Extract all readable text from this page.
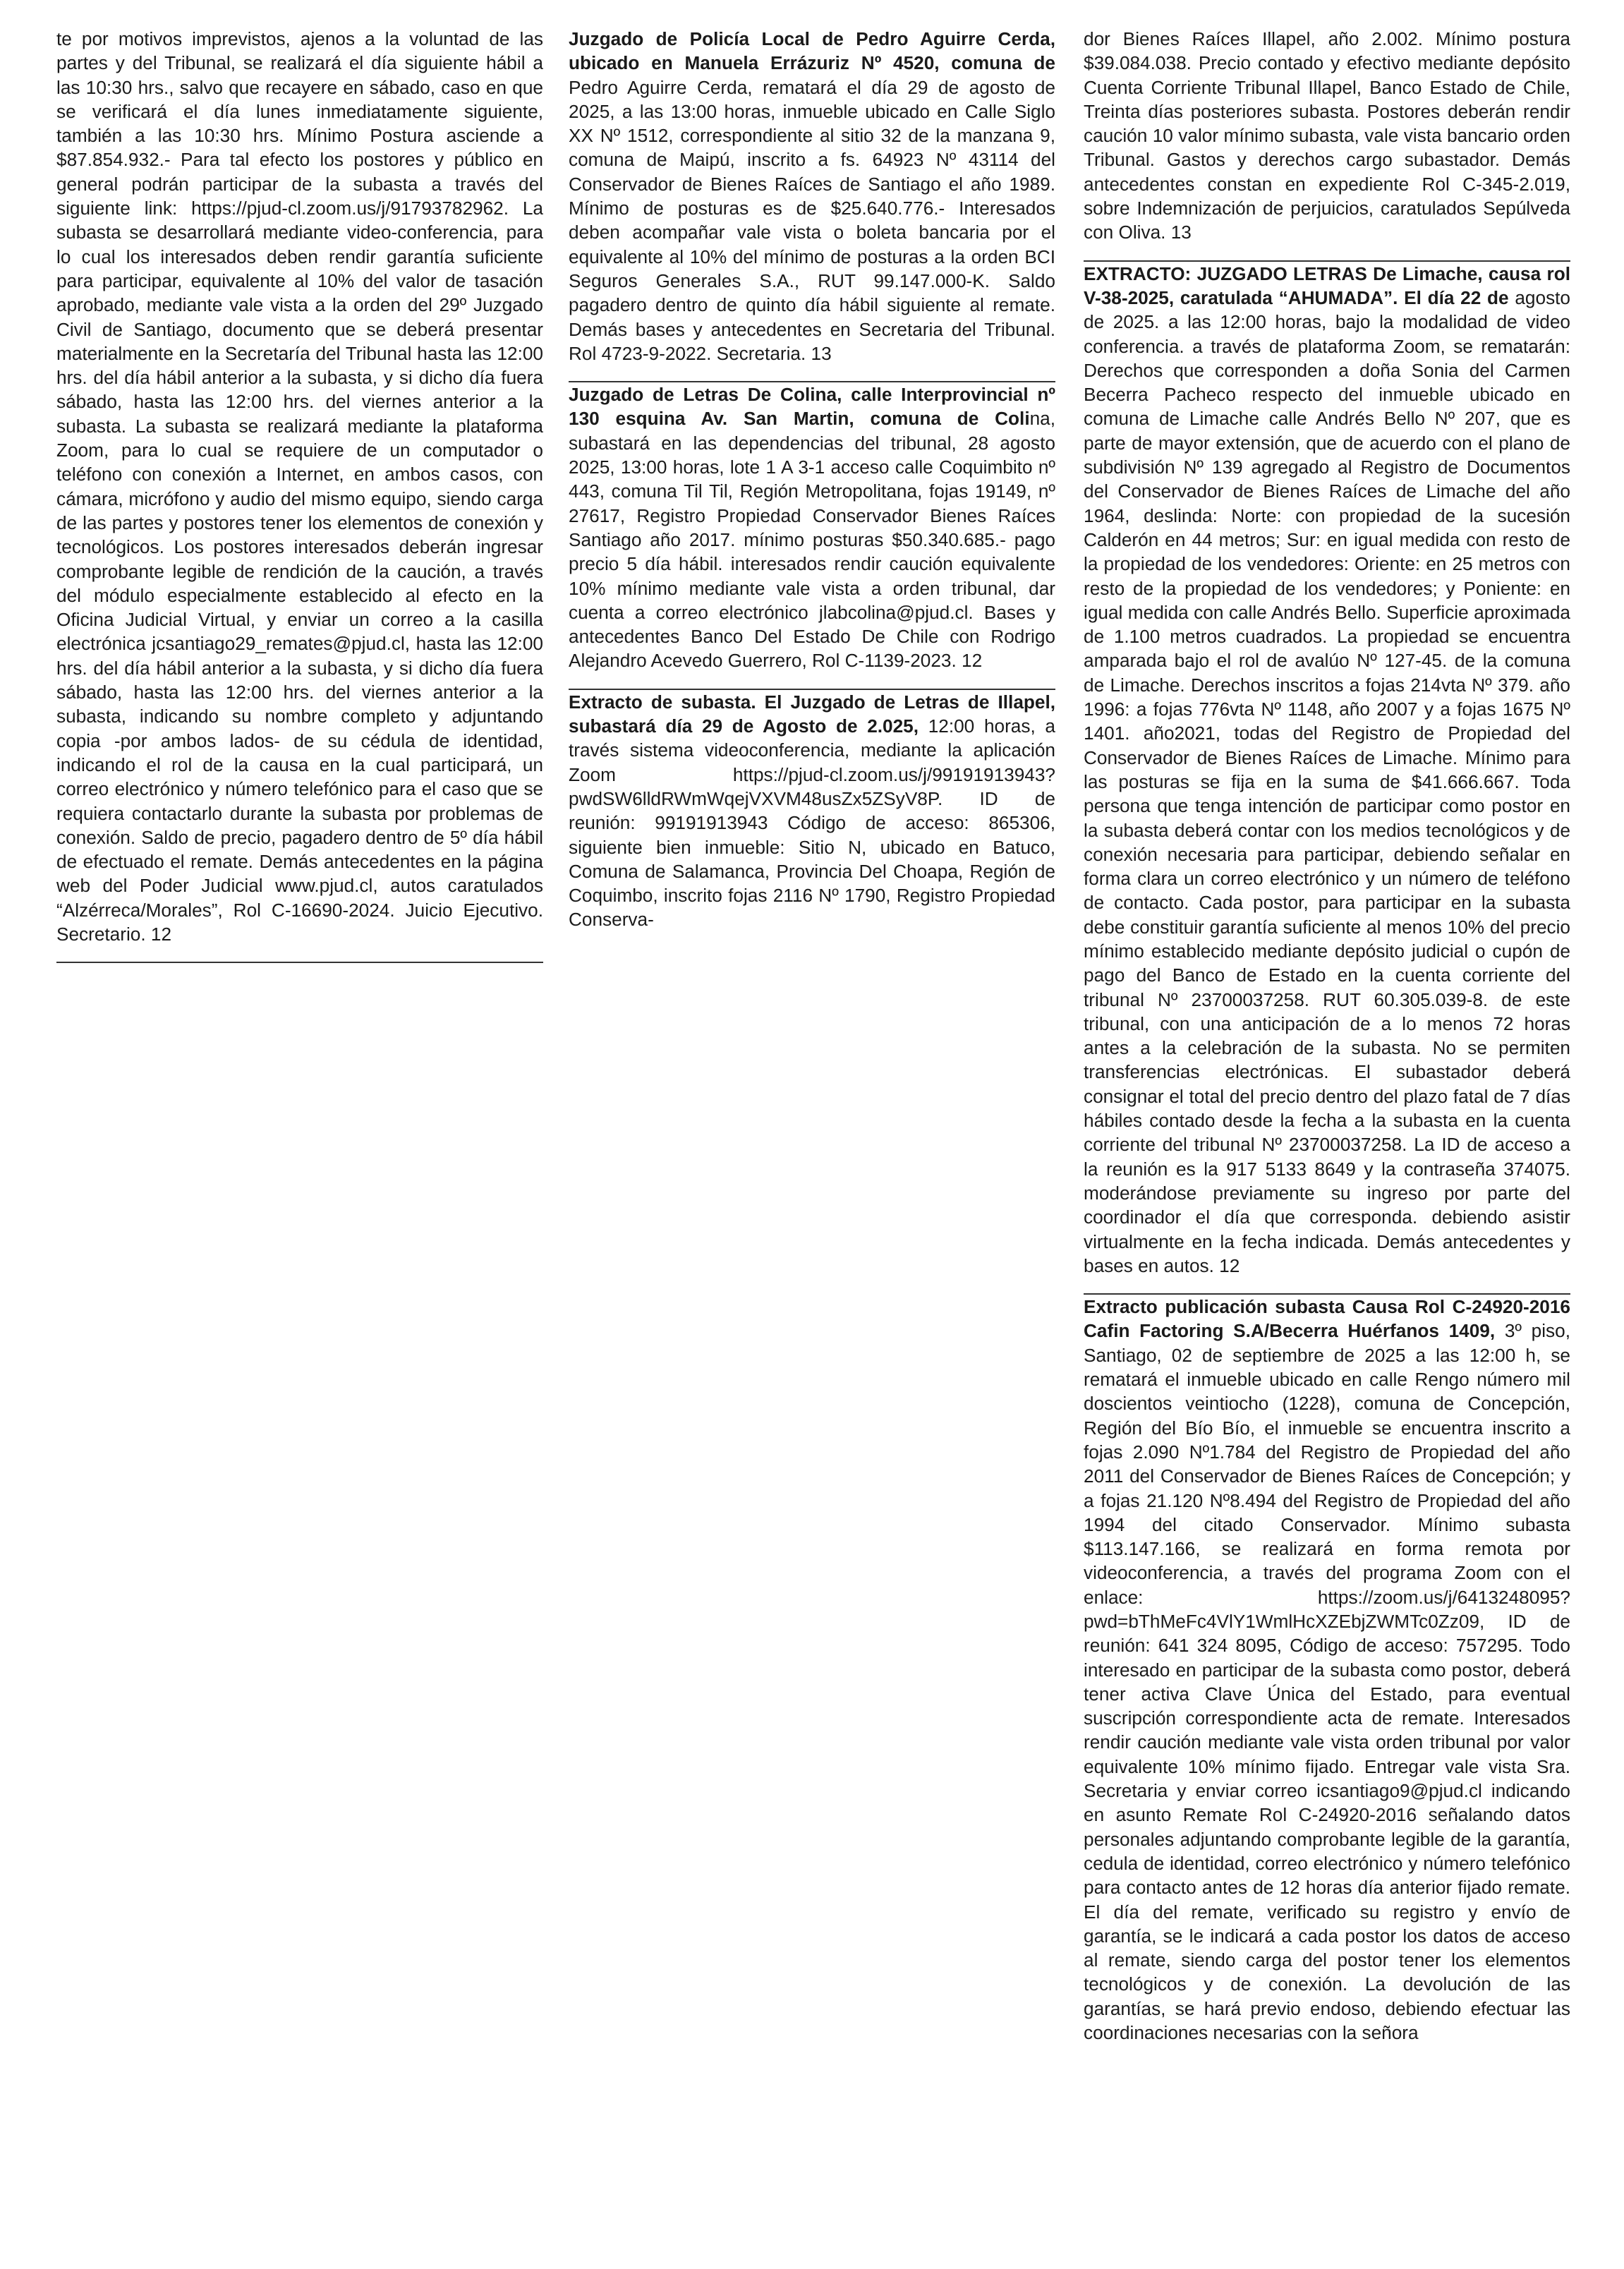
te por motivos imprevistos, ajenos a la voluntad de las partes y del Tribunal, se realizará el día siguiente hábil a las 10:30 hrs., salvo que recayere en sábado, caso en que se verificará el día lunes inmediatamente siguiente, también a las 10:30 hrs. Mínimo Postura asciende a $87.854.932.- Para tal efecto los postores y público en general podrán participar de la subasta a través del siguiente link: https://pjud-cl.zoom.us/j/91793782962. La subasta se desarrollará mediante video-conferencia, para lo cual los interesados deben rendir garantía suficiente para participar, equivalente al 10% del valor de tasación aprobado, mediante vale vista a la orden del 29º Juzgado Civil de Santiago, documento que se deberá presentar materialmente en la Secretaría del Tribunal hasta las 12:00 hrs. del día hábil anterior a la subasta, y si dicho día fuera sábado, hasta las 12:00 hrs. del viernes anterior a la subasta. La subasta se realizará mediante la plataforma Zoom, para lo cual se requiere de un computador o teléfono con conexión a Internet, en ambos casos, con cámara, micrófono y audio del mismo equipo, siendo carga de las partes y postores tener los elementos de conexión y tecnológicos. Los postores interesados deberán ingresar comprobante legible de rendición de la caución, a través del módulo especialmente establecido al efecto en la Oficina Judicial Virtual, y enviar un correo a la casilla electrónica jcsantiago29_remates@pjud.cl, hasta las 12:00 hrs. del día hábil anterior a la subasta, y si dicho día fuera sábado, hasta las 12:00 hrs. del viernes anterior a la subasta, indicando su nombre completo y adjuntando copia -por ambos lados- de su cédula de identidad, indicando el rol de la causa en la cual participará, un correo electrónico y número telefónico para el caso que se requiera contactarlo durante la subasta por problemas de conexión. Saldo de precio, pagadero dentro de 5º día hábil de efectuado el remate. Demás antecedentes en la página web del Poder Judicial www.pjud.cl, autos caratulados “Alzérreca/Morales”, Rol C-16690-2024. Juicio Ejecutivo. Secretario. 12

Juzgado de Policía Local de Pedro Aguirre Cerda, ubicado en Manuela Errázuriz Nº 4520, comuna de Pedro Aguirre Cerda, rematará el día 29 de agosto de 2025, a las 13:00 horas, inmueble ubicado en Calle Siglo XX Nº 1512, correspondiente al sitio 32 de la manzana 9, comuna de Maipú, inscrito a fs. 64923 Nº 43114 del Conservador de Bienes Raíces de Santiago el año 1989. Mínimo de posturas es de $25.640.776.- Interesados deben acompañar vale vista o boleta bancaria por el equivalente al 10% del mínimo de posturas a la orden BCI Seguros Generales S.A., RUT 99.147.000-K. Saldo pagadero dentro de quinto día hábil siguiente al remate. Demás bases y antecedentes en Secretaria del Tribunal. Rol 4723-9-2022. Secretaria. 13

Juzgado de Letras De Colina, calle Interprovincial nº 130 esquina Av. San Martin, comuna de Colina, subastará en las dependencias del tribunal, 28 agosto 2025, 13:00 horas, lote 1 A 3-1 acceso calle Coquimbito nº 443, comuna Til Til, Región Metropolitana, fojas 19149, nº 27617, Registro Propiedad Conservador Bienes Raíces Santiago año 2017. mínimo posturas $50.340.685.- pago precio 5 día hábil. interesados rendir caución equivalente 10% mínimo mediante vale vista a orden tribunal, dar cuenta a correo electrónico jlabcolina@pjud.cl. Bases y antecedentes Banco Del Estado De Chile con Rodrigo Alejandro Acevedo Guerrero, Rol C-1139-2023. 12

Extracto de subasta. El Juzgado de Letras de Illapel, subastará día 29 de Agosto de 2.025, 12:00 horas, a través sistema videoconferencia, mediante la aplicación Zoom https://pjud-cl.zoom.us/j/99191913943?pwdSW6lldRWmWqejVXVM48usZx5ZSyV8P. ID de reunión: 99191913943 Código de acceso: 865306, siguiente bien inmueble: Sitio N, ubicado en Batuco, Comuna de Salamanca, Provincia Del Choapa, Región de Coquimbo, inscrito fojas 2116 Nº 1790, Registro Propiedad Conserva-

dor Bienes Raíces Illapel, año 2.002. Mínimo postura $39.084.038. Precio contado y efectivo mediante depósito Cuenta Corriente Tribunal Illapel, Banco Estado de Chile, Treinta días posteriores subasta. Postores deberán rendir caución 10 valor mínimo subasta, vale vista bancario orden Tribunal. Gastos y derechos cargo subastador. Demás antecedentes constan en expediente Rol C-345-2.019, sobre Indemnización de perjuicios, caratulados Sepúlveda con Oliva. 13

EXTRACTO: JUZGADO LETRAS De Limache, causa rol V-38-2025, caratulada “AHUMADA”. El día 22 de agosto de 2025. a las 12:00 horas, bajo la modalidad de video conferencia. a través de plataforma Zoom, se rematarán: Derechos que corresponden a doña Sonia del Carmen Becerra Pacheco respecto del inmueble ubicado en comuna de Limache calle Andrés Bello Nº 207, que es parte de mayor extensión, que de acuerdo con el plano de subdivisión Nº 139 agregado al Registro de Documentos del Conservador de Bienes Raíces de Limache del año 1964, deslinda: Norte: con propiedad de la sucesión Calderón en 44 metros; Sur: en igual medida con resto de la propiedad de los vendedores: Oriente: en 25 metros con resto de la propiedad de los vendedores; y Poniente: en igual medida con calle Andrés Bello. Superficie aproximada de 1.100 metros cuadrados. La propiedad se encuentra amparada bajo el rol de avalúo Nº 127-45. de la comuna de Limache. Derechos inscritos a fojas 214vta Nº 379. año 1996: a fojas 776vta Nº 1148, año 2007 y a fojas 1675 Nº 1401. año2021, todas del Registro de Propiedad del Conservador de Bienes Raíces de Limache. Mínimo para las posturas se fija en la suma de $41.666.667. Toda persona que tenga intención de participar como postor en la subasta deberá contar con los medios tecnológicos y de conexión necesaria para participar, debiendo señalar en forma clara un correo electrónico y un número de teléfono de contacto. Cada postor, para participar en la subasta debe constituir garantía suficiente al menos 10% del precio mínimo establecido mediante depósito judicial o cupón de pago del Banco de Estado en la cuenta corriente del tribunal Nº 23700037258. RUT 60.305.039-8. de este tribunal, con una anticipación de a lo menos 72 horas antes a la celebración de la subasta. No se permiten transferencias electrónicas. El subastador deberá consignar el total del precio dentro del plazo fatal de 7 días hábiles contado desde la fecha a la subasta en la cuenta corriente del tribunal Nº 23700037258. La ID de acceso a la reunión es la 917 5133 8649 y la contraseña 374075. moderándose previamente su ingreso por parte del coordinador el día que corresponda. debiendo asistir virtualmente en la fecha indicada. Demás antecedentes y bases en autos. 12

Extracto publicación subasta Causa Rol C-24920-2016 Cafin Factoring S.A/Becerra Huérfanos 1409, 3º piso, Santiago, 02 de septiembre de 2025 a las 12:00 h, se rematará el inmueble ubicado en calle Rengo número mil doscientos veintiocho (1228), comuna de Concepción, Región del Bío Bío, el inmueble se encuentra inscrito a fojas 2.090 Nº1.784 del Registro de Propiedad del año 2011 del Conservador de Bienes Raíces de Concepción; y a fojas 21.120 Nº8.494 del Registro de Propiedad del año 1994 del citado Conservador. Mínimo subasta $113.147.166, se realizará en forma remota por videoconferencia, a través del programa Zoom con el enlace: https://zoom.us/j/6413248095?pwd=bThMeFc4VlY1WmlHcXZEbjZWMTc0Zz09, ID de reunión: 641 324 8095, Código de acceso: 757295. Todo interesado en participar de la subasta como postor, deberá tener activa Clave Única del Estado, para eventual suscripción correspondiente acta de remate. Interesados rendir caución mediante vale vista orden tribunal por valor equivalente 10% mínimo fijado. Entregar vale vista Sra. Secretaria y enviar correo icsantiago9@pjud.cl indicando en asunto Remate Rol C-24920-2016 señalando datos personales adjuntando comprobante legible de la garantía, cedula de identidad, correo electrónico y número telefónico para contacto antes de 12 horas día anterior fijado remate. El día del remate, verificado su registro y envío de garantía, se le indicará a cada postor los datos de acceso al remate, siendo carga del postor tener los elementos tecnológicos y de conexión. La devolución de las garantías, se hará previo endoso, debiendo efectuar las coordinaciones necesarias con la señora
